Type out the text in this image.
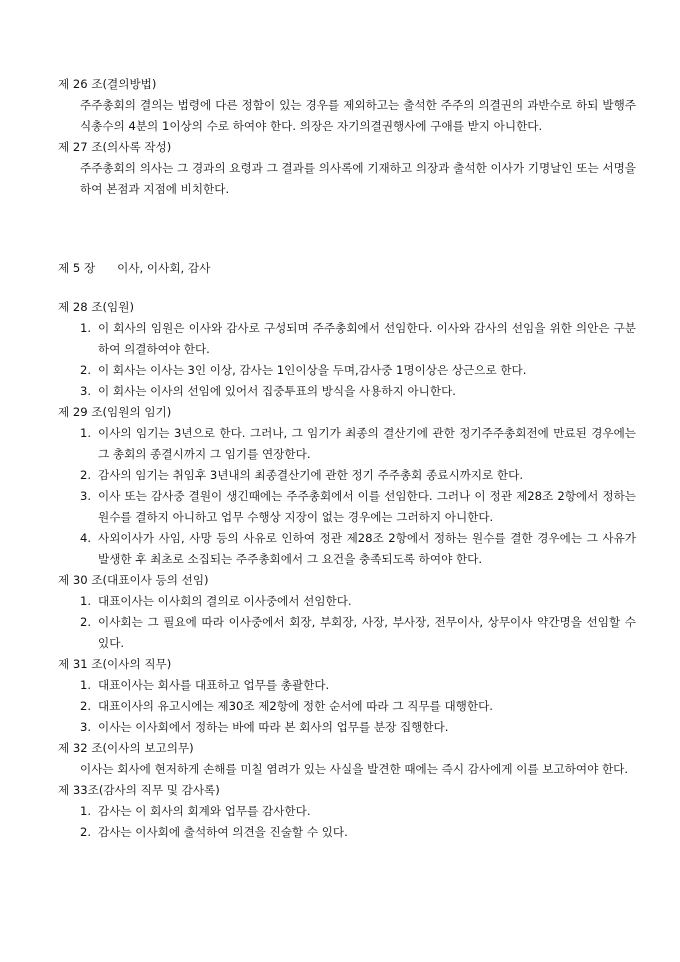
제 26 조(결의방법)

주주총회의 결의는 법령에 다른 정함이 있는 경우를 제외하고는 출석한 주주의 의결권의 과반수로 하되 발행주식총수의 4분의 1이상의 수로 하여야 한다. 의장은 자기의결권행사에 구애를 받지 아니한다.

제 27 조(의사록 작성)

주주총회의 의사는 그 경과의 요령과 그 결과를 의사록에 기재하고 의장과 출석한 이사가 기명날인 또는 서명을 하여 본점과 지점에 비치한다.

제 5 장 이사, 이사회, 감사

제 28 조(임원)

1. 이 회사의 임원은 이사와 감사로 구성되며 주주총회에서 선임한다. 이사와 감사의 선임을 위한 의안은 구분하여 의결하여야 한다.
2. 이 회사는 이사는 3인 이상, 감사는 1인이상을 두며,감사중 1명이상은 상근으로 한다.
3. 이 회사는 이사의 선임에 있어서 집중투표의 방식을 사용하지 아니한다.

제 29 조(임원의 임기)

1. 이사의 임기는 3년으로 한다. 그러나, 그 임기가 최종의 결산기에 관한 정기주주총회전에 만료된 경우에는 그 총회의 종결시까지 그 임기를 연장한다.
2. 감사의 임기는 취임후 3년내의 최종결산기에 관한 정기 주주총회 종료시까지로 한다.
3. 이사 또는 감사중 결원이 생긴때에는 주주총회에서 이를 선임한다. 그러나 이 정관 제28조 2항에서 정하는 원수를 결하지 아니하고 업무 수행상 지장이 없는 경우에는 그러하지 아니한다.
4. 사외이사가 사임, 사망 등의 사유로 인하여 정관 제28조 2항에서 정하는 원수를 결한 경우에는 그 사유가 발생한 후 최초로 소집되는 주주총회에서 그 요건을 충족되도록 하여야 한다.

제 30 조(대표이사 등의 선임)

1. 대표이사는 이사회의 결의로 이사중에서 선임한다.
2. 이사회는 그 필요에 따라 이사중에서 회장, 부회장, 사장, 부사장, 전무이사, 상무이사 약간명을 선임할 수 있다.

제 31 조(이사의 직무)

1. 대표이사는 회사를 대표하고 업무를 총괄한다.
2. 대표이사의 유고시에는 제30조 제2항에 정한 순서에 따라 그 직무를 대행한다.
3. 이사는 이사회에서 정하는 바에 따라 본 회사의 업무를 분장 집행한다.

제 32 조(이사의 보고의무)

이사는 회사에 현저하게 손해를 미칠 염려가 있는 사실을 발견한 때에는 즉시 감사에게 이를 보고하여야 한다.

제 33조(감사의 직무 및 감사록)

1. 감사는 이 회사의 회계와 업무를 감사한다.
2. 감사는 이사회에 출석하여 의견을 진술할 수 있다.
